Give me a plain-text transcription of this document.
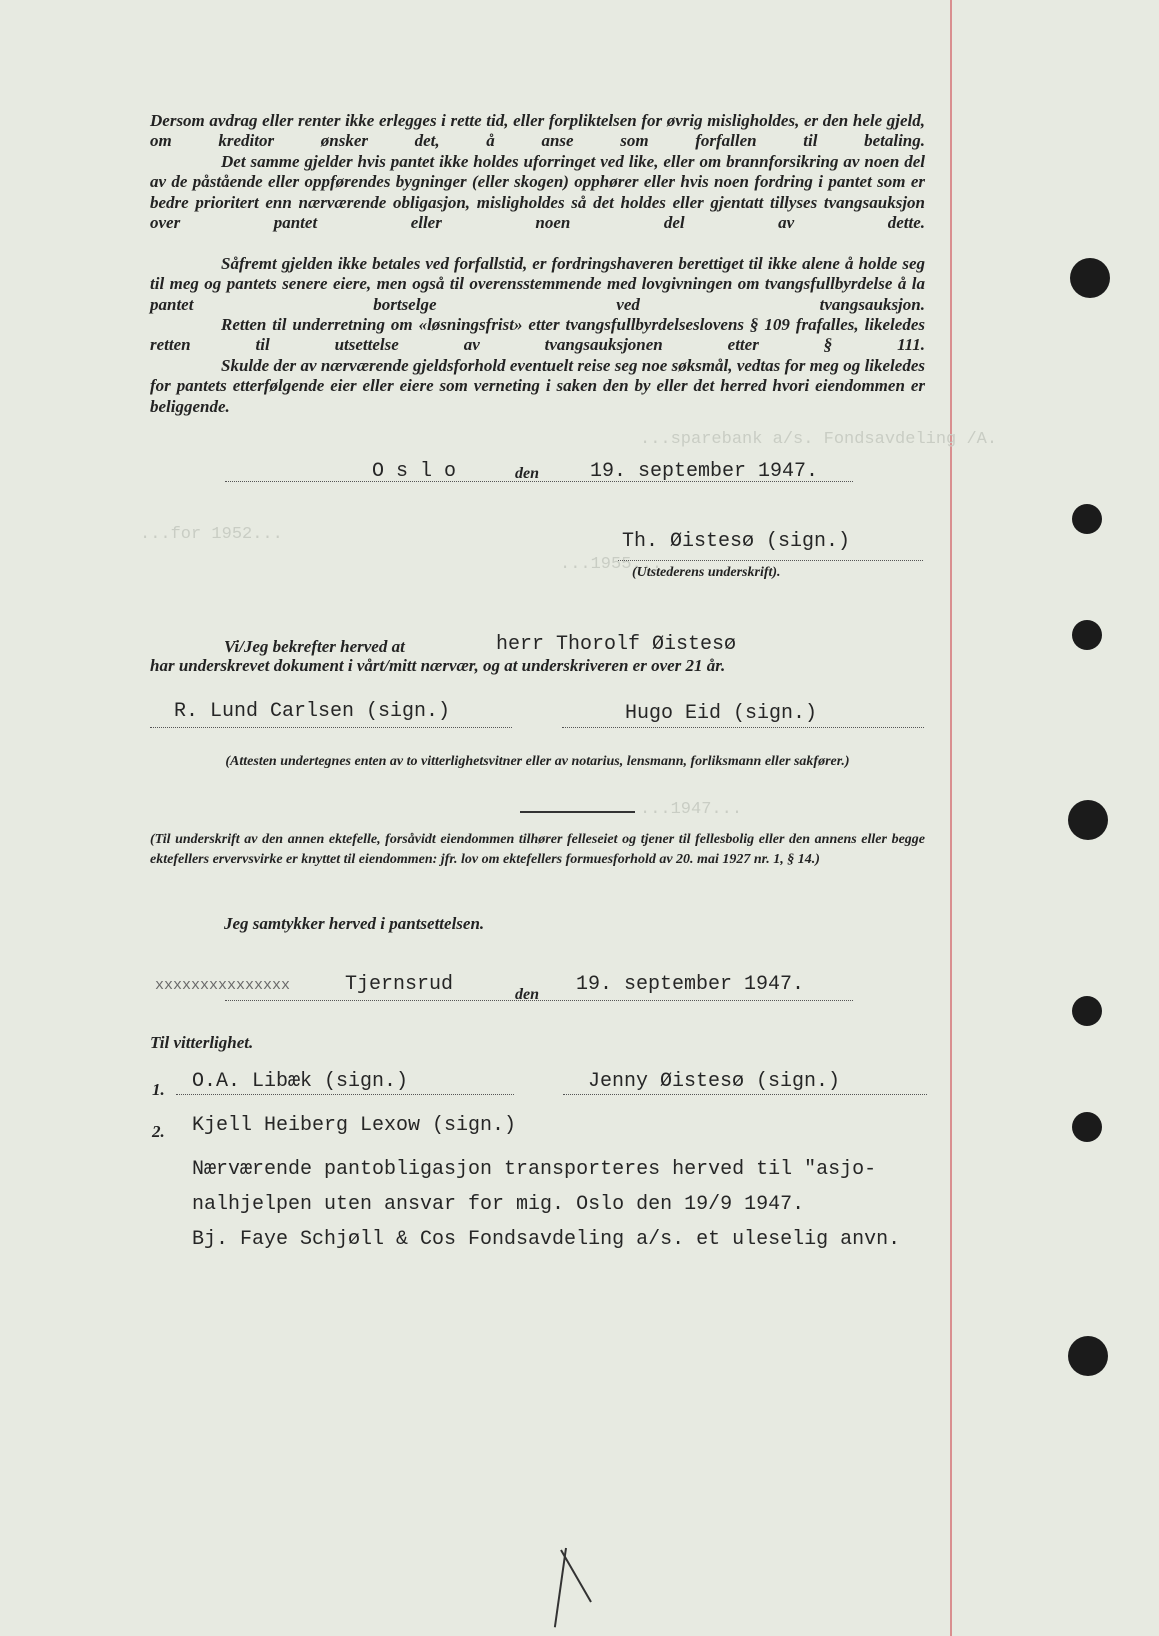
...sparebank a/s. Fondsavdeling /A.
...for 1952...
...1955...
...1947...

Dersom avdrag eller renter ikke erlegges i rette tid, eller forpliktelsen for øvrig misligholdes, er den hele gjeld, om kreditor ønsker det, å anse som forfallen til betaling.

Det samme gjelder hvis pantet ikke holdes uforringet ved like, eller om brannforsikring av noen del av de påstående eller oppførendes bygninger (eller skogen) opphører eller hvis noen fordring i pantet som er bedre prioritert enn nærværende obligasjon, misligholdes så det holdes eller gjentatt tillyses tvangsauksjon over pantet eller noen del av dette.

Såfremt gjelden ikke betales ved forfallstid, er fordringshaveren berettiget til ikke alene å holde seg til meg og pantets senere eiere, men også til overensstemmende med lovgivningen om tvangsfullbyrdelse å la pantet bortselge ved tvangsauksjon.

Retten til underretning om «løsningsfrist» etter tvangsfullbyrdelseslovens § 109 frafalles, likeledes retten til utsettelse av tvangsauksjonen etter § 111.

Skulde der av nærværende gjeldsforhold eventuelt reise seg noe søksmål, vedtas for meg og likeledes for pantets etterfølgende eier eller eiere som verneting i saken den by eller det herred hvori eiendommen er beliggende.

O s l o	den	19. september 1947.
Th. Øistesø (sign.)
(Utstederens underskrift).
Vi/Jeg bekrefter herved at	herr Thorolf Øistesø
har underskrevet dokument i vårt/mitt nærvær, og at underskriveren er over 21 år.
R. Lund Carlsen (sign.)	Hugo Eid (sign.)
(Attesten undertegnes enten av to vitterlighetsvitner eller av notarius, lensmann, forliksmann eller sakfører.)
(Til underskrift av den annen ektefelle, forsåvidt eiendommen tilhører felleseiet og tjener til fellesbolig eller den annens eller begge ektefellers ervervsvirke er knyttet til eiendommen: jfr. lov om ektefellers formuesforhold av 20. mai 1927 nr. 1, § 14.)
Jeg samtykker herved i pantsettelsen.
xxxxxxxxxxxxxxx	Tjernsrud	den 19. september 1947.
Til vitterlighet.
1. O.A. Libæk (sign.)	Jenny Øistesø (sign.)
2. Kjell Heiberg Lexow (sign.)
Nærværende pantobligasjon transporteres herved til "asjo-
nalhjelpen uten ansvar for mig. Oslo den 19/9 1947.
Bj. Faye Schjøll & Cos Fondsavdeling a/s. et uleselig anvn.
